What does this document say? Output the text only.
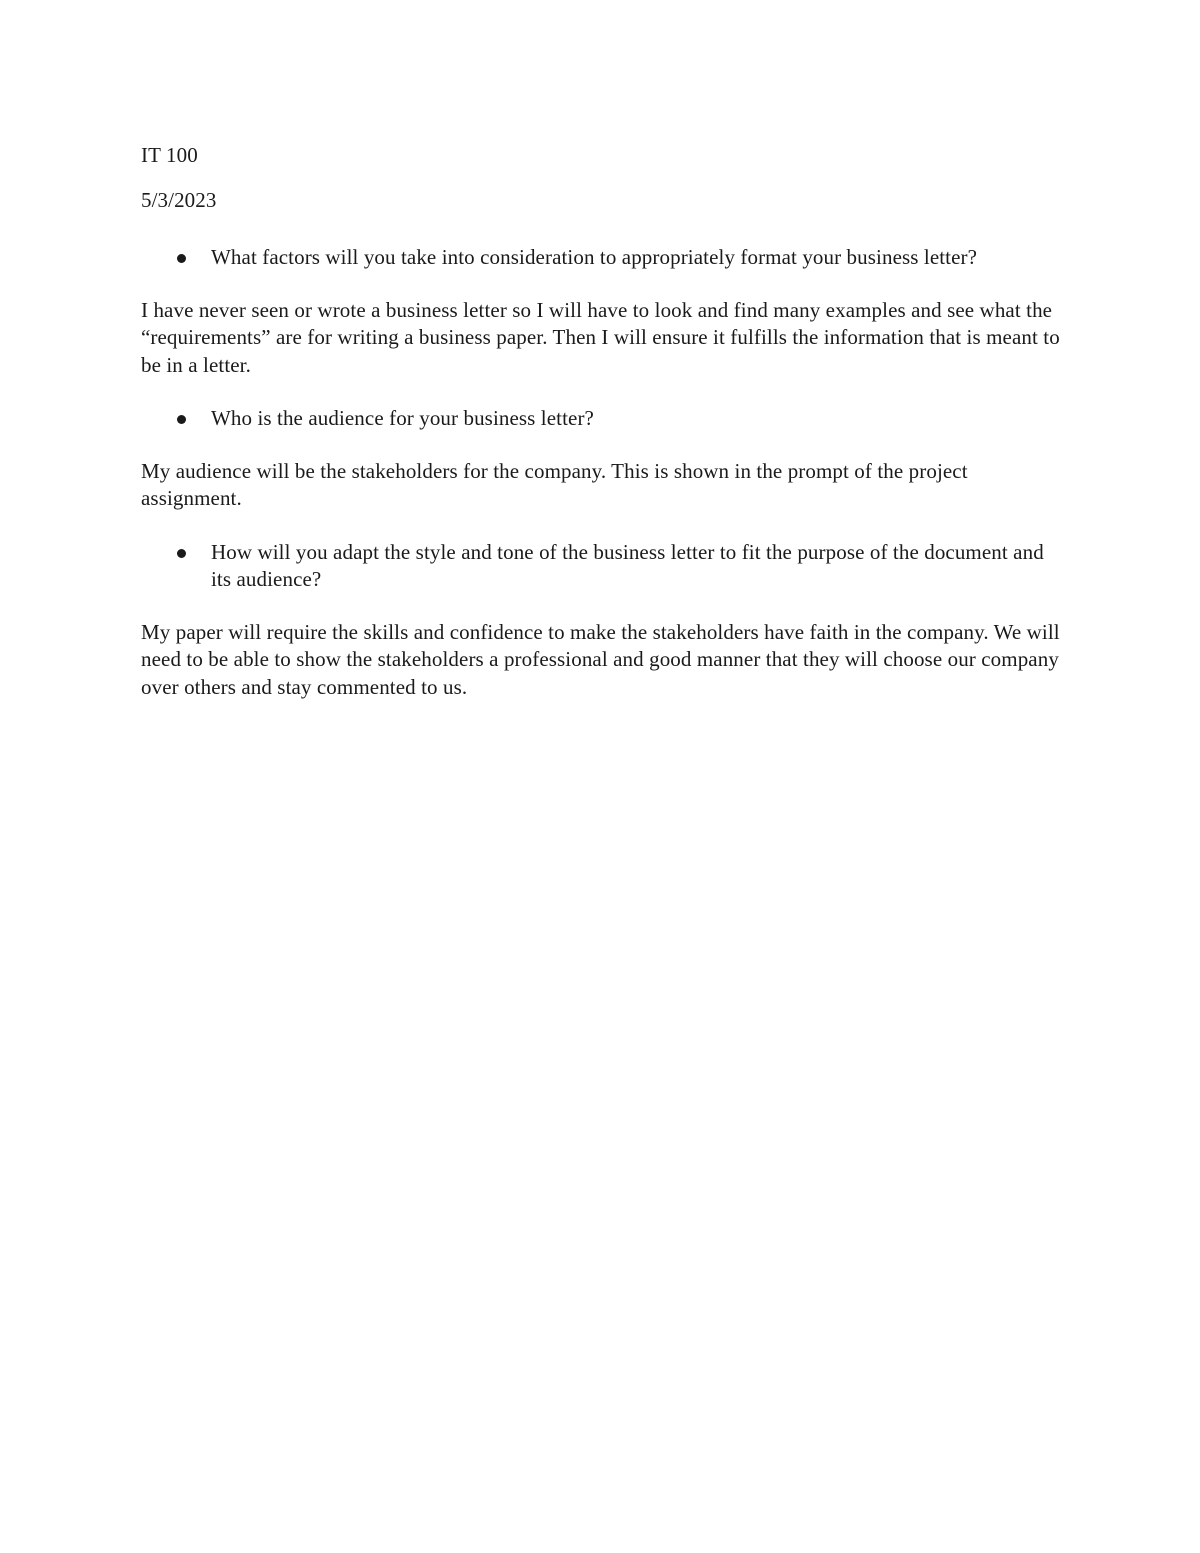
IT 100

5/3/2023

What factors will you take into consideration to appropriately format your business letter?

I have never seen or wrote a business letter so I will have to look and find many examples and see what the “requirements” are for writing a business paper. Then I will ensure it fulfills the information that is meant to be in a letter.

Who is the audience for your business letter?

My audience will be the stakeholders for the company. This is shown in the prompt of the project assignment.

How will you adapt the style and tone of the business letter to fit the purpose of the document and its audience?

My paper will require the skills and confidence to make the stakeholders have faith in the company. We will need to be able to show the stakeholders a professional and good manner that they will choose our company over others and stay commented to us.
